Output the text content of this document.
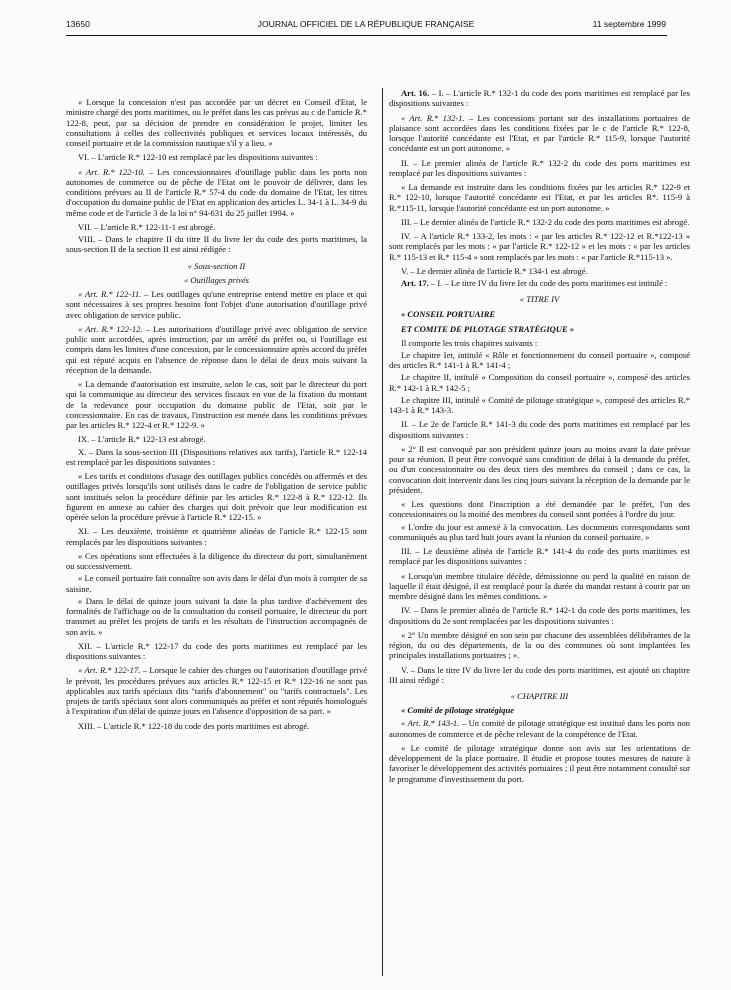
13650	JOURNAL OFFICIEL DE LA RÉPUBLIQUE FRANÇAISE	11 septembre 1999

« Lorsque la concession n'est pas accordée par un décret en Conseil d'Etat, le ministre chargé des ports maritimes, ou le préfet dans les cas prévus au c de l'article R.* 122-8, peut, par sa décision de prendre en considération le projet, limiter les consultations à celles des collectivités publiques et services locaux intéressés, du conseil portuaire et de la commission nautique s'il y a lieu. »

VI. – L'article R.* 122-10 est remplacé par les dispositions suivantes :

« Art. R.* 122-10. – Les concessionnaires d'outillage public dans les ports non autonomes de commerce ou de pêche de l'Etat ont le pouvoir de délivrer, dans les conditions prévues au II de l'article R.* 57-4 du code du domaine de l'Etat, les titres d'occupation du domaine public de l'Etat en application des articles L. 34-1 à L. 34-9 du même code et de l'article 3 de la loi n° 94-631 du 25 juillet 1994. »

VII. – L'article R.* 122-11-1 est abrogé.

VIII. – Dans le chapitre II du titre II du livre Ier du code des ports maritimes, la sous-section II de la section II est ainsi rédigée :

« Sous-section II

« Outillages privés

« Art. R.* 122-11. – Les outillages qu'une entreprise entend mettre en place et qui sont nécessaires à ses propres besoins font l'objet d'une autorisation d'outillage privé avec obligation de service public.

« Art. R.* 122-12. – Les autorisations d'outillage privé avec obligation de service public sont accordées, après instruction, par un arrêté du préfet ou, si l'outillage est compris dans les limites d'une concession, par le concessionnaire après accord du préfet qui est réputé acquis en l'absence de réponse dans le délai de deux mois suivant la réception de la demande.

« La demande d'autorisation est instruite, selon le cas, soit par le directeur du port qui la communique au directeur des services fiscaux en vue de la fixation du montant de la redevance pour occupation du domaine public de l'Etat, soit par le concessionnaire. En cas de travaux, l'instruction est menée dans les conditions prévues par les articles R.* 122-4 et R.* 122-9. »

IX. – L'article R.* 122-13 est abrogé.

X. – Dans la sous-section III (Dispositions relatives aux tarifs), l'article R.* 122-14 est remplacé par les dispositions suivantes :

« Les tarifs et conditions d'usage des outillages publics concédés ou affermés et des outillages privés lorsqu'ils sont utilisés dans le cadre de l'obligation de service public sont institués selon la procédure définie par les articles R.* 122-8 à R.* 122-12. Ils figurent en annexe au cahier des charges qui doit prévoir que leur modification est opérée selon la procédure prévue à l'article R.* 122-15. »

XI. – Les deuxième, troisième et quatrième alinéas de l'article R.* 122-15 sont remplacés par les dispositions suivantes :

« Ces opérations sont effectuées à la diligence du directeur du port, simultanément ou successivement.

« Le conseil portuaire fait connaître son avis dans le délai d'un mois à compter de sa saisine.

« Dans le délai de quinze jours suivant la date la plus tardive d'achèvement des formalités de l'affichage ou de la consultation du conseil portuaire, le directeur du port transmet au préfet les projets de tarifs et les résultats de l'instruction accompagnés de son avis. »

XII. – L'article R.* 122-17 du code des ports maritimes est remplacé par les dispositions suivantes :

« Art. R.* 122-17. – Lorsque le cahier des charges ou l'autorisation d'outillage privé le prévoit, les procédures prévues aux articles R.* 122-15 et R.* 122-16 ne sont pas applicables aux tarifs spéciaux dits "tarifs d'abonnement" ou "tarifs contractuels". Les projets de tarifs spéciaux sont alors communiqués au préfet et sont réputés homologués à l'expiration d'un délai de quinze jours en l'absence d'opposition de sa part. »

XIII. – L'article R.* 122-18 du code des ports maritimes est abrogé.

Art. 16. – I. – L'article R.* 132-1 du code des ports maritimes est remplacé par les dispositions suivantes :

« Art. R.* 132-1. – Les concessions portant sur des installations portuaires de plaisance sont accordées dans les conditions fixées par le c de l'article R.* 122-8, lorsque l'autorité concédante est l'Etat, et par l'article R.* 115-9, lorsque l'autorité concédante est un port autonome. »

II. – Le premier alinéa de l'article R.* 132-2 du code des ports maritimes est remplacé par les dispositions suivantes :

« La demande est instruite dans les conditions fixées par les articles R.* 122-9 et R.* 122-10, lorsque l'autorité concédante est l'Etat, et par les articles R*. 115-9 à R.*115-11, lorsque l'autorité concédante est un port autonome. »

III. – Le dernier alinéa de l'article R.* 132-2 du code des ports maritimes est abrogé.

IV. – A l'article R.* 133-2, les mots : « par les articles R.* 122-12 et R.*122-13 » sont remplacés par les mots : « par l'article R.* 122-12 » et les mots : « par les articles R.* 115-13 et R.* 115-4 » sont remplacés par les mots : « par l'article R.*115-13 ».

V. – Le dernier alinéa de l'article R.* 134-1 est abrogé.

Art. 17. – I. – Le titre IV du livre Ier du code des ports maritimes est intitulé :

« TITRE IV

« CONSEIL PORTUAIRE

ET COMITE DE PILOTAGE STRATÉGIQUE »

Il comporte les trois chapitres suivants :

Le chapitre Ier, intitulé « Rôle et fonctionnement du conseil portuaire », composé des articles R.* 141-1 à R.* 141-4 ;

Le chapitre II, intitulé « Composition du conseil portuaire », composé des articles R.* 142-1 à R.* 142-5 ;

Le chapitre III, intitulé « Comité de pilotage stratégique », composé des articles R.* 143-1 à R.* 143-3.

II. – Le 2e de l'article R.* 141-3 du code des ports maritimes est remplacé par les dispositions suivantes :

« 2° Il est convoqué par son président quinze jours au moins avant la date prévue pour sa réunion. Il peut être convoqué sans condition de délai à la demande du préfet, ou d'un concessionnaire ou des deux tiers des membres du conseil ; dans ce cas, la convocation doit intervenir dans les cinq jours suivant la réception de la demande par le président.

« Les questions dont l'inscription a été demandée par le préfet, l'un des concessionnaires ou la moitié des membres du conseil sont portées à l'ordre du jour.

« L'ordre du jour est annexé à la convocation. Les documents correspondants sont communiqués au plus tard huit jours avant la réunion du conseil portuaire. »

III. – Le deuxième alinéa de l'article R.* 141-4 du code des ports maritimes est remplacé par les dispositions suivantes :

« Lorsqu'un membre titulaire décède, démissionne ou perd la qualité en raison de laquelle il était désigné, il est remplacé pour la durée du mandat restant à courir par un membre désigné dans les mêmes conditions. »

IV. – Dans le premier alinéa de l'article R.* 142-1 du code des ports maritimes, les dispositions du 2e sont remplacées par les dispositions suivantes :

« 2° Un membre désigné en son sein par chacune des assemblées délibérantes de la région, du ou des départements, de la ou des communes où sont implantées les principales installations portuaires ; ».

V. – Dans le titre IV du livre Ier du code des ports maritimes, est ajouté un chapitre III ainsi rédigé :

« CHAPITRE III

« Comité de pilotage stratégique

« Art. R.* 143-1. – Un comité de pilotage stratégique est institué dans les ports non autonomes de commerce et de pêche relevant de la compétence de l'Etat.

« Le comité de pilotage stratégique donne son avis sur les orientations de développement de la place portuaire. Il étudie et propose toutes mesures de nature à favoriser le développement des activités portuaires ; il peut être notamment consulté sur le programme d'investissement du port.
